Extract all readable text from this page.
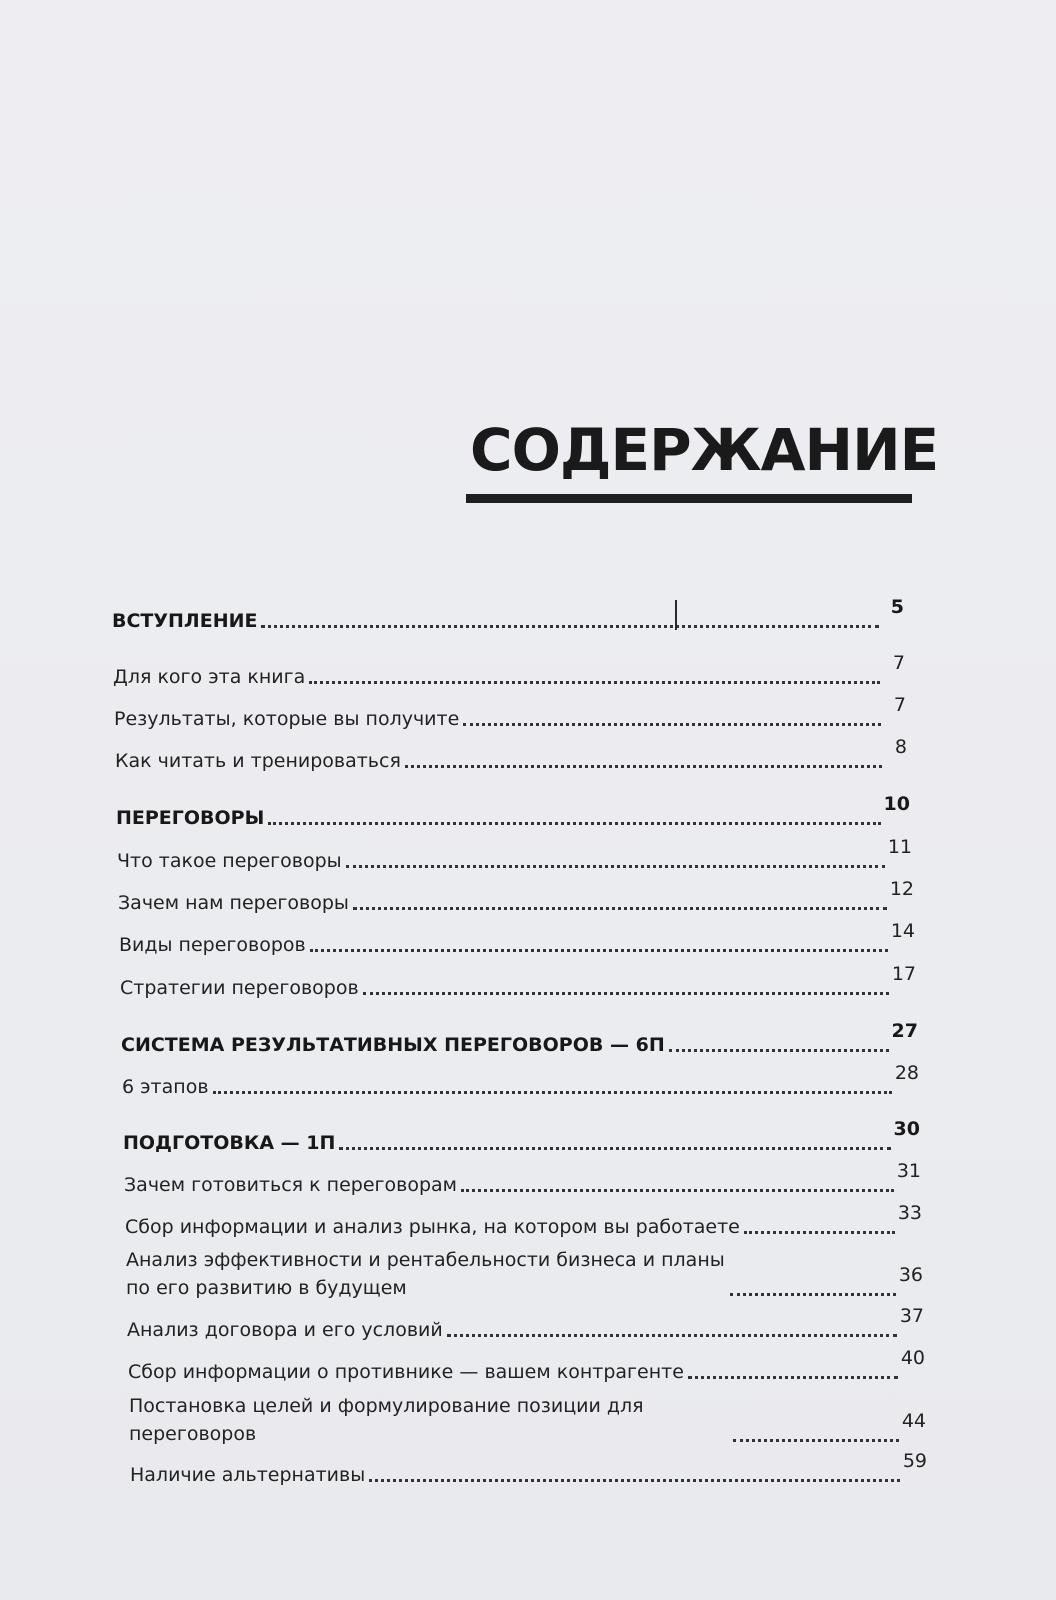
СОДЕРЖАНИЕ
ВСТУПЛЕНИЕ
5
Для кого эта книга
7
Результаты, которые вы получите
7
Как читать и тренироваться
8
ПЕРЕГОВОРЫ
10
Что такое переговоры
11
Зачем нам переговоры
12
Виды переговоров
14
Стратегии переговоров
17
СИСТЕМА РЕЗУЛЬТАТИВНЫХ ПЕРЕГОВОРОВ — 6П
27
6 этапов
28
ПОДГОТОВКА — 1П
30
Зачем готовиться к переговорам
31
Сбор информации и анализ рынка, на котором вы работаете
33
Анализ эффективности и рентабельности бизнеса и планы по его развитию в будущем
36
Анализ договора и его условий
37
Сбор информации о противнике — вашем контрагенте
40
Постановка целей и формулирование позиции для переговоров
44
Наличие альтернативы
59
